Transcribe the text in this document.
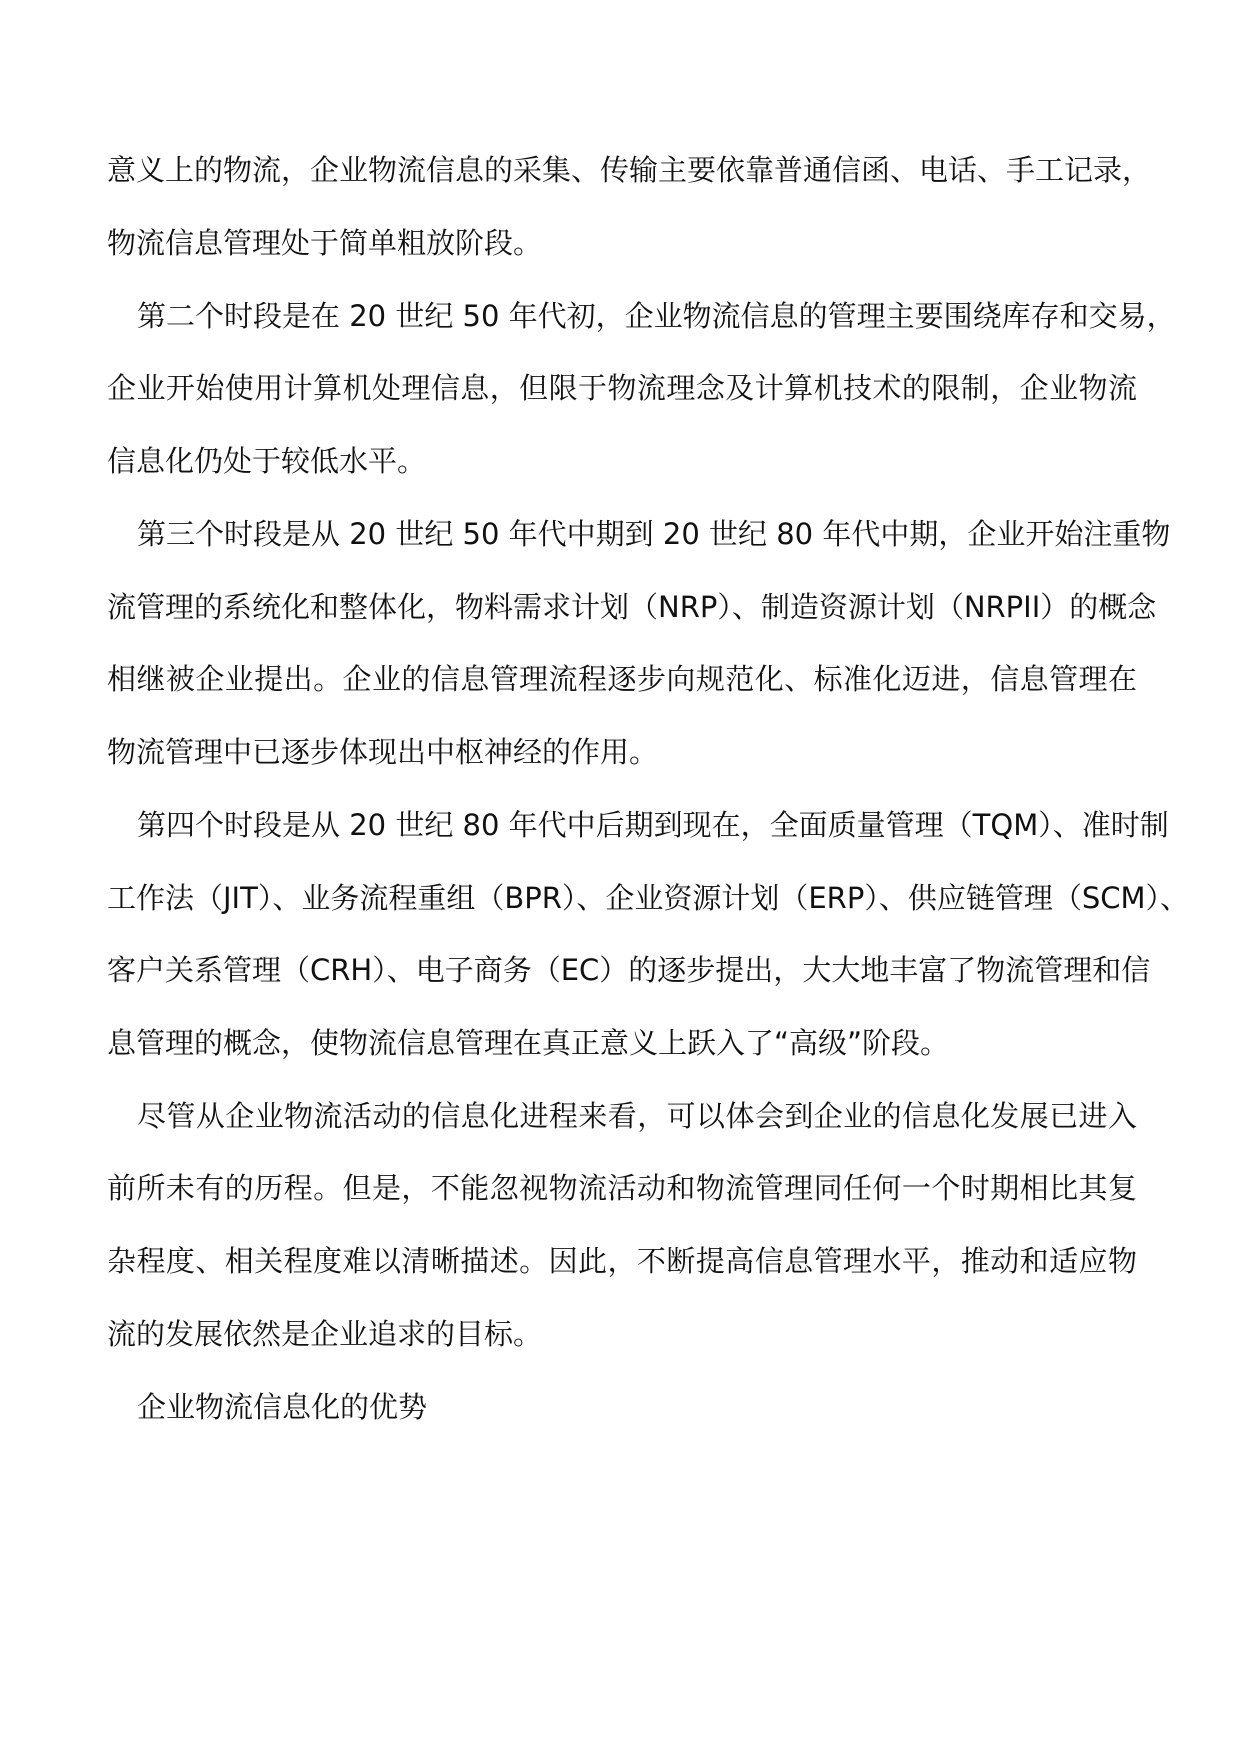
意义上的物流，企业物流信息的采集、传输主要依靠普通信函、电话、手工记录，
物流信息管理处于简单粗放阶段。
第二个时段是在 20 世纪 50 年代初，企业物流信息的管理主要围绕库存和交易，
企业开始使用计算机处理信息，但限于物流理念及计算机技术的限制，企业物流
信息化仍处于较低水平。
第三个时段是从 20 世纪 50 年代中期到 20 世纪 80 年代中期，企业开始注重物
流管理的系统化和整体化，物料需求计划（NRP）、制造资源计划（NRPII）的概念
相继被企业提出。企业的信息管理流程逐步向规范化、标准化迈进，信息管理在
物流管理中已逐步体现出中枢神经的作用。
第四个时段是从 20 世纪 80 年代中后期到现在，全面质量管理（TQM）、准时制
工作法（JIT）、业务流程重组（BPR）、企业资源计划（ERP）、供应链管理（SCM）、
客户关系管理（CRH）、电子商务（EC）的逐步提出，大大地丰富了物流管理和信
息管理的概念，使物流信息管理在真正意义上跃入了“高级”阶段。
尽管从企业物流活动的信息化进程来看，可以体会到企业的信息化发展已进入
前所未有的历程。但是，不能忽视物流活动和物流管理同任何一个时期相比其复
杂程度、相关程度难以清晰描述。因此，不断提高信息管理水平，推动和适应物
流的发展依然是企业追求的目标。
企业物流信息化的优势
